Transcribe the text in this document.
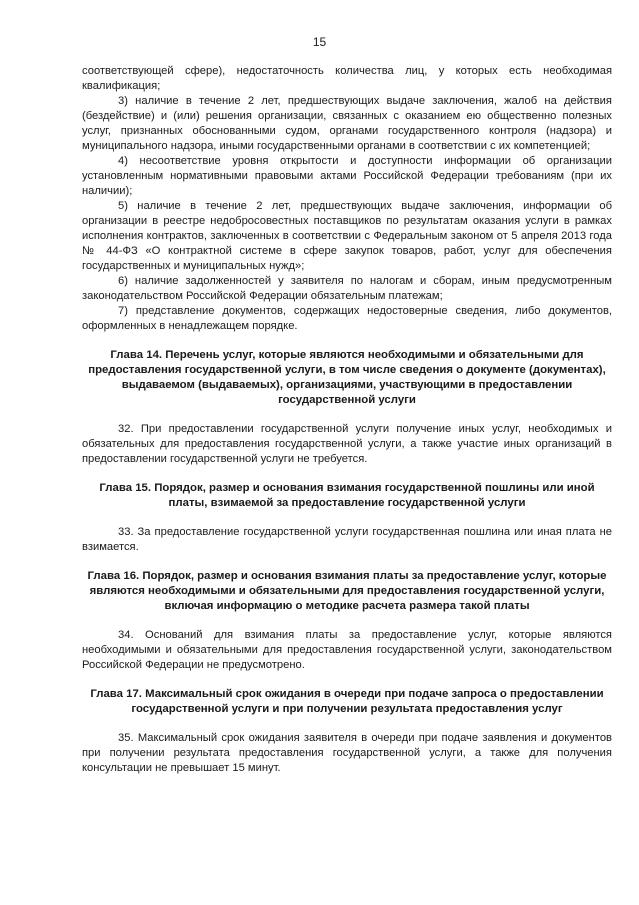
15
соответствующей сфере), недостаточность количества лиц, у которых есть необходимая квалификация;
3) наличие в течение 2 лет, предшествующих выдаче заключения, жалоб на действия (бездействие) и (или) решения организации, связанных с оказанием ею общественно полезных услуг, признанных обоснованными судом, органами государственного контроля (надзора) и муниципального надзора, иными государственными органами в соответствии с их компетенцией;
4) несоответствие уровня открытости и доступности информации об организации установленным нормативными правовыми актами Российской Федерации требованиям (при их наличии);
5) наличие в течение 2 лет, предшествующих выдаче заключения, информации об организации в реестре недобросовестных поставщиков по результатам оказания услуги в рамках исполнения контрактов, заключенных в соответствии с Федеральным законом от 5 апреля 2013 года № 44-ФЗ «О контрактной системе в сфере закупок товаров, работ, услуг для обеспечения государственных и муниципальных нужд»;
6) наличие задолженностей у заявителя по налогам и сборам, иным предусмотренным законодательством Российской Федерации обязательным платежам;
7) представление документов, содержащих недостоверные сведения, либо документов, оформленных в ненадлежащем порядке.
Глава 14. Перечень услуг, которые являются необходимыми и обязательными для предоставления государственной услуги, в том числе сведения о документе (документах), выдаваемом (выдаваемых), организациями, участвующими в предоставлении государственной услуги
32. При предоставлении государственной услуги получение иных услуг, необходимых и обязательных для предоставления государственной услуги, а также участие иных организаций в предоставлении государственной услуги не требуется.
Глава 15. Порядок, размер и основания взимания государственной пошлины или иной платы, взимаемой за предоставление государственной услуги
33. За предоставление государственной услуги государственная пошлина или иная плата не взимается.
Глава 16. Порядок, размер и основания взимания платы за предоставление услуг, которые являются необходимыми и обязательными для предоставления государственной услуги, включая информацию о методике расчета размера такой платы
34. Оснований для взимания платы за предоставление услуг, которые являются необходимыми и обязательными для предоставления государственной услуги, законодательством Российской Федерации не предусмотрено.
Глава 17. Максимальный срок ожидания в очереди при подаче запроса о предоставлении государственной услуги и при получении результата предоставления услуг
35. Максимальный срок ожидания заявителя в очереди при подаче заявления и документов при получении результата предоставления государственной услуги, а также для получения консультации не превышает 15 минут.
